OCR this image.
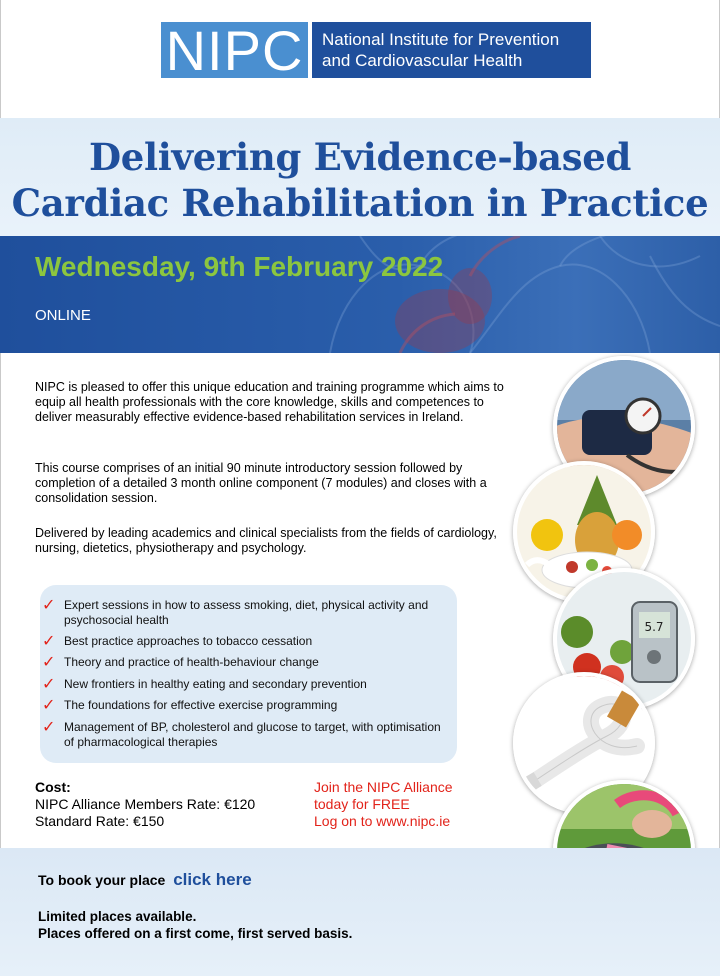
NIPC National Institute for Prevention
and Cardiovascular Health
Delivering Evidence-based
Cardiac Rehabilitation in Practice
Wednesday, 9th February 2022
ONLINE

NIPC is pleased to offer this unique education and training programme which aims to equip all health professionals with the core knowledge, skills and competences to deliver measurably effective evidence-based rehabilitation services in Ireland.

This course comprises of an initial 90 minute introductory session followed by completion of a detailed 3 month online component (7 modules) and closes with a consolidation session.

Delivered by leading academics and clinical specialists from the fields of cardiology, nursing, dietetics, physiotherapy and psychology.

✓ Expert sessions in how to assess smoking, diet, physical activity and psychosocial health
✓ Best practice approaches to tobacco cessation
✓ Theory and practice of health-behaviour change
✓ New frontiers in healthy eating and secondary prevention
✓ The foundations for effective exercise programming
✓ Management of BP, cholesterol and glucose to target, with optimisation of pharmacological therapies
Cost:
NIPC Alliance Members Rate: €120
Standard Rate: €150
Join the NIPC Alliance
today for FREE
Log on to www.nipc.ie
5.7
To book your place click here
Limited places available.
Places offered on a first come, first served basis.
